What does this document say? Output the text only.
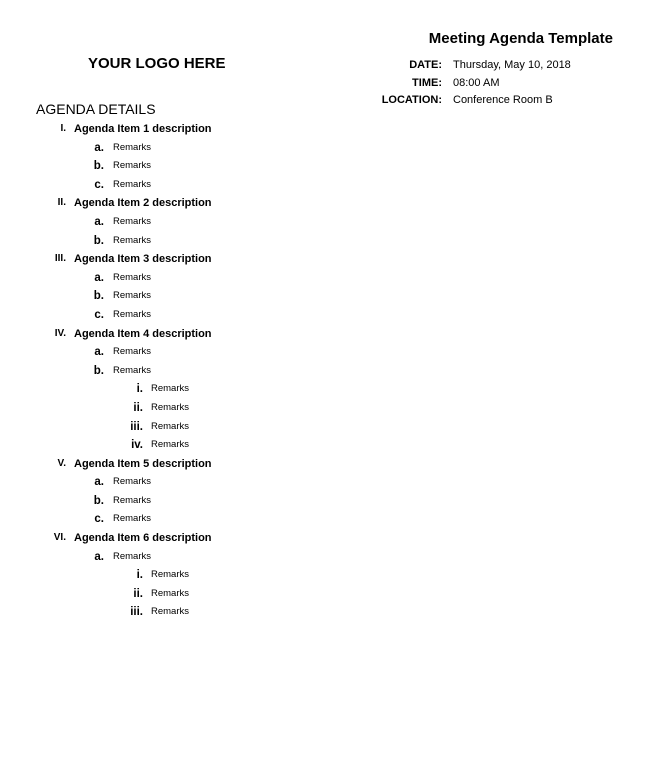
Meeting Agenda Template
YOUR LOGO HERE	DATE: Thursday, May 10, 2018
TIME: 08:00 AM
LOCATION: Conference Room B
AGENDA DETAILS
I. Agenda Item 1 description
a. Remarks
b. Remarks
c. Remarks
II. Agenda Item 2 description
a. Remarks
b. Remarks
III. Agenda Item 3 description
a. Remarks
b. Remarks
c. Remarks
IV. Agenda Item 4 description
a. Remarks
b. Remarks
i. Remarks
ii. Remarks
iii. Remarks
iv. Remarks
V. Agenda Item 5 description
a. Remarks
b. Remarks
c. Remarks
VI. Agenda Item 6 description
a. Remarks
i. Remarks
ii. Remarks
iii. Remarks
